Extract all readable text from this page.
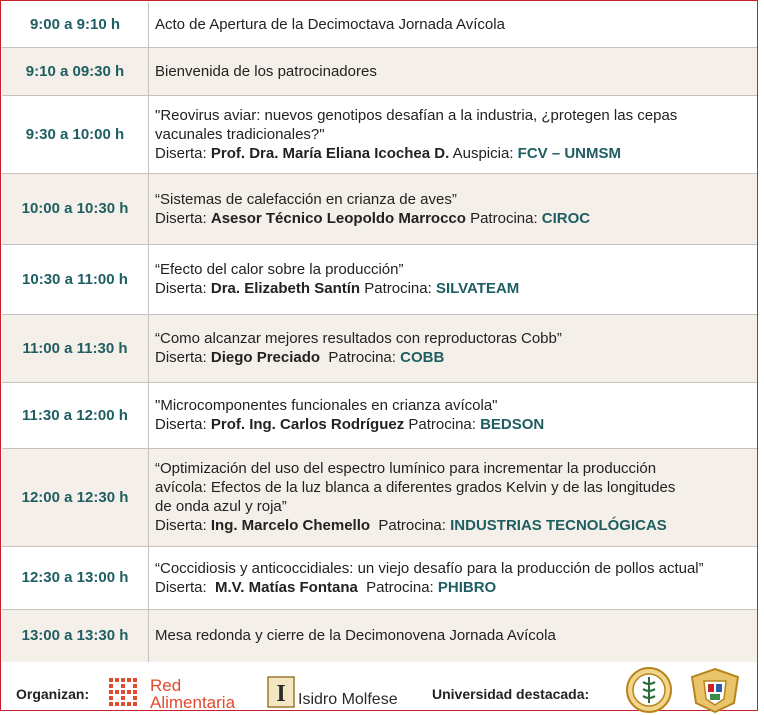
9:00 a 9:10 h	Acto de Apertura de la Decimoctava Jornada Avícola

9:10 a 09:30 h	Bienvenida de los patrocinadores

9:30 a 10:00 h	"Reovirus aviar: nuevos genotipos desafían a la industria, ¿protegen las cepas
vacunales tradicionales?"
Diserta: Prof. Dra. María Eliana Icochea D. Auspicia: FCV – UNMSM

10:00 a 10:30 h	“Sistemas de calefacción en crianza de aves”
Diserta: Asesor Técnico Leopoldo Marrocco Patrocina: CIROC

10:30 a 11:00 h	“Efecto del calor sobre la producción”
Diserta: Dra. Elizabeth Santín Patrocina: SILVATEAM

11:00 a 11:30 h	“Como alcanzar mejores resultados con reproductoras Cobb”
Diserta: Diego Preciado  Patrocina: COBB

11:30 a 12:00 h	"Microcomponentes funcionales en crianza avícola"
Diserta: Prof. Ing. Carlos Rodríguez Patrocina: BEDSON

12:00 a 12:30 h	“Optimización del uso del espectro lumínico para incrementar la producción
avícola: Efectos de la luz blanca a diferentes grados Kelvin y de las longitudes
de onda azul y roja”
Diserta: Ing. Marcelo Chemello  Patrocina: INDUSTRIAS TECNOLÓGICAS

12:30 a 13:00 h	“Coccidiosis y anticoccidiales: un viejo desafío para la producción de pollos actual”
Diserta:  M.V. Matías Fontana  Patrocina: PHIBRO

13:00 a 13:30 h	Mesa redonda y cierre de la Decimonovena Jornada Avícola
Organizan:	Red
Alimentaria I Isidro Molfese Universidad destacada:
